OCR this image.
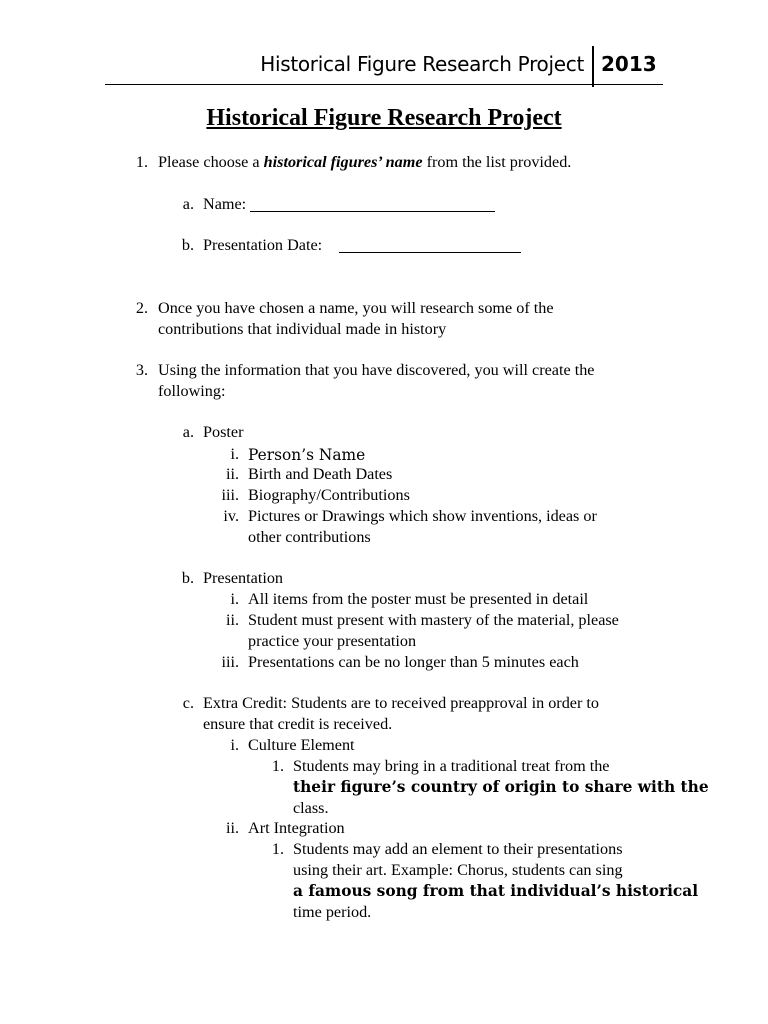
Historical Figure Research Project 2013
Historical Figure Research Project
1. Please choose a historical figures’ name from the list provided.
a. Name:
b. Presentation Date:
2. Once you have chosen a name, you will research some of the
contributions that individual made in history
3. Using the information that you have discovered, you will create the
following:
a. Poster
i. Person’s Name
ii. Birth and Death Dates
iii. Biography/Contributions
iv. Pictures or Drawings which show inventions, ideas or
other contributions
b. Presentation
i. All items from the poster must be presented in detail
ii. Student must present with mastery of the material, please
practice your presentation
iii. Presentations can be no longer than 5 minutes each
c. Extra Credit: Students are to received preapproval in order to
ensure that credit is received.
i. Culture Element
1. Students may bring in a traditional treat from the
their figure’s country of origin to share with the
class.
ii. Art Integration
1. Students may add an element to their presentations
using their art. Example: Chorus, students can sing
a famous song from that individual’s historical
time period.
